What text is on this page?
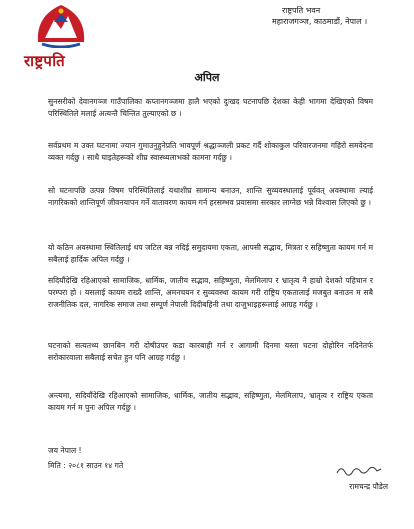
राष्ट्रपति
राष्ट्रपति भवन
महाराजगञ्ज, काठमाडौं, नेपाल ।
अपिल
सुनसरीको देवानगञ्ज गाउँपालिका कप्तानगञ्जमा हालै भएको दुःखद घटनापछि देशका केही भागमा देखिएको विषम परिस्थितिले मलाई अत्यन्तै चिन्तित तुल्याएको छ ।
सर्वप्रथम म उक्त घटनामा ज्यान गुमाउनुहुनेप्रति भावपूर्ण श्रद्धाञ्जली प्रकट गर्दै शोकाकुल परिवारजनमा गहिरो समवेदना व्यक्त गर्दछु । साथै घाइतेहरूको शीघ्र स्वास्थ्यलाभको कामना गर्दछु ।
सो घटनापछि उत्पन्न विषम परिस्थितिलाई यथाशीघ्र सामान्य बनाउन, शान्ति सुव्यवस्थालाई पूर्ववत् अवस्थामा ल्याई नागरिकको शान्तिपूर्ण जीवनयापन गर्ने वातावरण कायम गर्न हरसम्भव प्रयासमा सरकार लाग्नेछ भन्ने विश्वास लिएको छु ।
यो कठिन अवस्थामा स्थितिलाई थप जटिल बन्न नदिई समुदायमा एकता, आपसी सद्भाव, मित्रता र सहिष्णुता कायम गर्न म सबैलाई हार्दिक अपिल गर्दछु ।
सदियौंदेखि रहिआएको सामाजिक, धार्मिक, जातीय सद्भाव, सहिष्णुता, मेलमिलाप र भ्रातृत्व नै हाम्रो देशको पहिचान र परम्परा हो । यसलाई कायम राख्दै शान्ति, अमनचयन र सुव्यवस्था कायम गरी राष्ट्रिय एकतालाई मजबुत बनाउन म सबै राजनीतिक दल, नागरिक समाज तथा सम्पूर्ण नेपाली दिदीबहिनी तथा दाजुभाइहरूलाई आग्रह गर्दछु ।
घटनाको सत्यतथ्य छानबिन गरी दोषीउपर कडा कारबाही गर्न र आगामी दिनमा यस्ता घटना दोहोरिन नदिनेतर्फ सरोकारवाला सबैलाई सचेत हुन पनि आग्रह गर्दछु ।
अन्त्यमा, सदियौंदेखि रहिआएको सामाजिक, धार्मिक, जातीय सद्भाव, सहिष्णुता, मेलमिलाप, भ्रातृत्व र राष्ट्रिय एकता कायम गर्न म पुनः अपिल गर्दछु ।
जय नेपाल !
मिति : २०८१ साउन १४ गते
रामचन्द्र पौडेल
